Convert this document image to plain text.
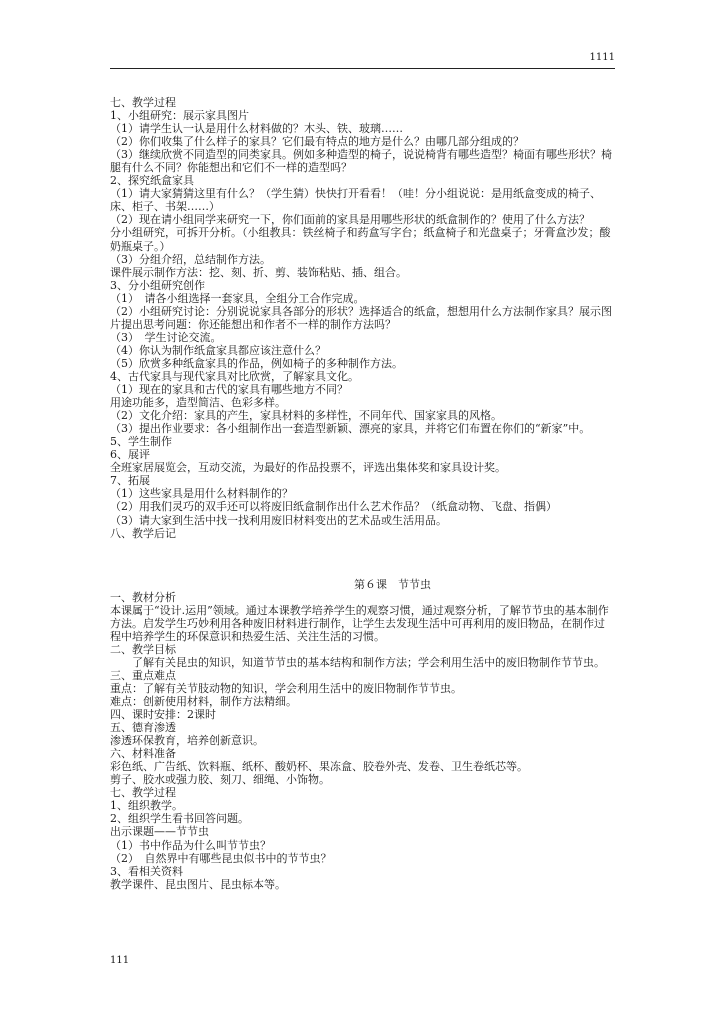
1111

七、教学过程

1、小组研究：展示家具图片

（1）请学生认一认是用什么材料做的？木头、铁、玻璃……

（2）你们收集了什么样子的家具？它们最有特点的地方是什么？由哪几部分组成的？

（3）继续欣赏不同造型的同类家具。例如多种造型的椅子，说说椅背有哪些造型？椅面有哪些形状？椅腿有什么不同？你能想出和它们不一样的造型吗？

2、探究纸盒家具

（1）请大家猜猜这里有什么？（学生猜）快快打开看看！（哇！分小组说说：是用纸盒变成的椅子、床、柜子、书架……）

（2）现在请小组同学来研究一下，你们面前的家具是用哪些形状的纸盒制作的？使用了什么方法？

分小组研究，可拆开分析。（小组教具：铁丝椅子和药盒写字台；纸盒椅子和光盘桌子；牙膏盒沙发；酸奶瓶桌子。）

（3）分组介绍，总结制作方法。

课件展示制作方法：挖、刻、折、剪、装饰粘贴、插、组合。

3、分小组研究创作

（1）　请各小组选择一套家具，全组分工合作完成。

（2）小组研究讨论：分别说说家具各部分的形状？选择适合的纸盒，想想用什么方法制作家具？展示图片提出思考问题：你还能想出和作者不一样的制作方法吗？

（3）　学生讨论交流。

（4）你认为制作纸盒家具都应该注意什么？

（5）欣赏多种纸盒家具的作品，例如椅子的多种制作方法。

4、古代家具与现代家具对比欣赏，了解家具文化。

（1）现在的家具和古代的家具有哪些地方不同？

用途功能多，造型简洁、色彩多样。

（2）文化介绍：家具的产生，家具材料的多样性，不同年代、国家家具的风格。

（3）提出作业要求：各小组制作出一套造型新颖、漂亮的家具，并将它们布置在你们的“新家”中。

5、学生制作

6、展评

全班家居展览会，互动交流，为最好的作品投票不，评选出集体奖和家具设计奖。

7、拓展

（1）这些家具是用什么材料制作的？

（2）用我们灵巧的双手还可以将废旧纸盒制作出什么艺术作品？（纸盒动物、飞盘、指偶）

（3）请大家到生活中找一找利用废旧材料变出的艺术品或生活用品。

八、教学后记

第６课　节节虫

一、教材分析

本课属于“设计.运用”领域。通过本课教学培养学生的观察习惯，通过观察分析，了解节节虫的基本制作方法。启发学生巧妙利用各种废旧材料进行制作，让学生去发现生活中可再利用的废旧物品，在制作过程中培养学生的环保意识和热爱生活、关注生活的习惯。

二、教学目标

了解有关昆虫的知识，知道节节虫的基本结构和制作方法；学会利用生活中的废旧物制作节节虫。

三、重点难点

重点：了解有关节肢动物的知识，学会利用生活中的废旧物制作节节虫。

难点：创新使用材料，制作方法精细。

四、课时安排：2课时

五、德育渗透

渗透环保教育，培养创新意识。

六、材料准备

彩色纸、广告纸、饮料瓶、纸杯、酸奶杯、果冻盒、胶卷外壳、发卷、卫生卷纸芯等。

剪子、胶水或强力胶、刻刀、细绳、小饰物。

七、教学过程

1、组织教学。

2、组织学生看书回答问题。

出示课题——节节虫

（1）书中作品为什么叫节节虫？

（2）　自然界中有哪些昆虫似书中的节节虫？

3、看相关资料

教学课件、昆虫图片、昆虫标本等。

111
